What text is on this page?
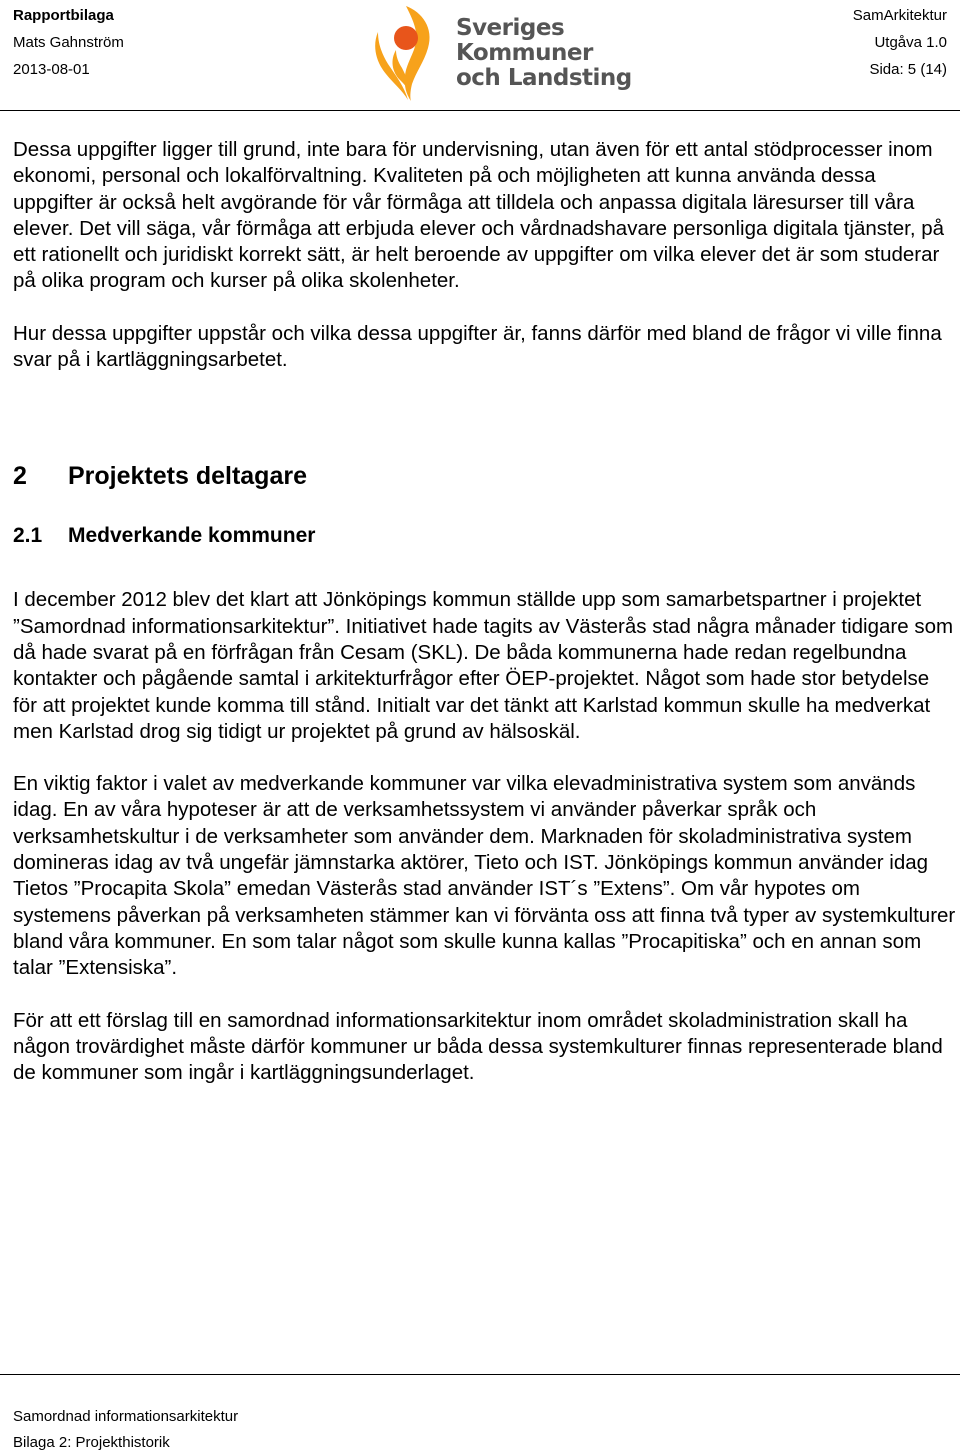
Rapportbilaga
Mats Gahnström
2013-08-01
Sveriges
Kommuner
och Landsting
SamArkitektur
Utgåva 1.0
Sida: 5 (14)

Dessa uppgifter ligger till grund, inte bara för undervisning, utan även för ett antal stödprocesser inom ekonomi, personal och lokalförvaltning. Kvaliteten på och möjligheten att kunna använda dessa uppgifter är också helt avgörande för vår förmåga att tilldela och anpassa digitala läresurser till våra elever. Det vill säga, vår förmåga att erbjuda elever och vårdnadshavare personliga digitala tjänster, på ett rationellt och juridiskt korrekt sätt, är helt beroende av uppgifter om vilka elever det är som studerar på olika program och kurser på olika skolenheter.

Hur dessa uppgifter uppstår och vilka dessa uppgifter är, fanns därför med bland de frågor vi ville finna svar på i kartläggningsarbetet.

2 Projektets deltagare
2.1 Medverkande kommuner

I december 2012 blev det klart att Jönköpings kommun ställde upp som samarbetspartner i projektet ”Samordnad informationsarkitektur”. Initiativet hade tagits av Västerås stad några månader tidigare som då hade svarat på en förfrågan från Cesam (SKL). De båda kommunerna hade redan regelbundna kontakter och pågående samtal i arkitekturfrågor efter ÖEP-projektet. Något som hade stor betydelse för att projektet kunde komma till stånd. Initialt var det tänkt att Karlstad kommun skulle ha medverkat men Karlstad drog sig tidigt ur projektet på grund av hälsoskäl.

En viktig faktor i valet av medverkande kommuner var vilka elevadministrativa system som används idag. En av våra hypoteser är att de verksamhetssystem vi använder påverkar språk och verksamhetskultur i de verksamheter som använder dem. Marknaden för skoladministrativa system domineras idag av två ungefär jämnstarka aktörer, Tieto och IST. Jönköpings kommun använder idag Tietos ”Procapita Skola” emedan Västerås stad använder IST´s ”Extens”. Om vår hypotes om systemens påverkan på verksamheten stämmer kan vi förvänta oss att finna två typer av systemkulturer bland våra kommuner. En som talar något som skulle kunna kallas ”Procapitiska” och en annan som talar ”Extensiska”.

För att ett förslag till en samordnad informationsarkitektur inom området skoladministration skall ha någon trovärdighet måste därför kommuner ur båda dessa systemkulturer finnas representerade bland de kommuner som ingår i kartläggningsunderlaget.

Samordnad informationsarkitektur
Bilaga 2: Projekthistorik
